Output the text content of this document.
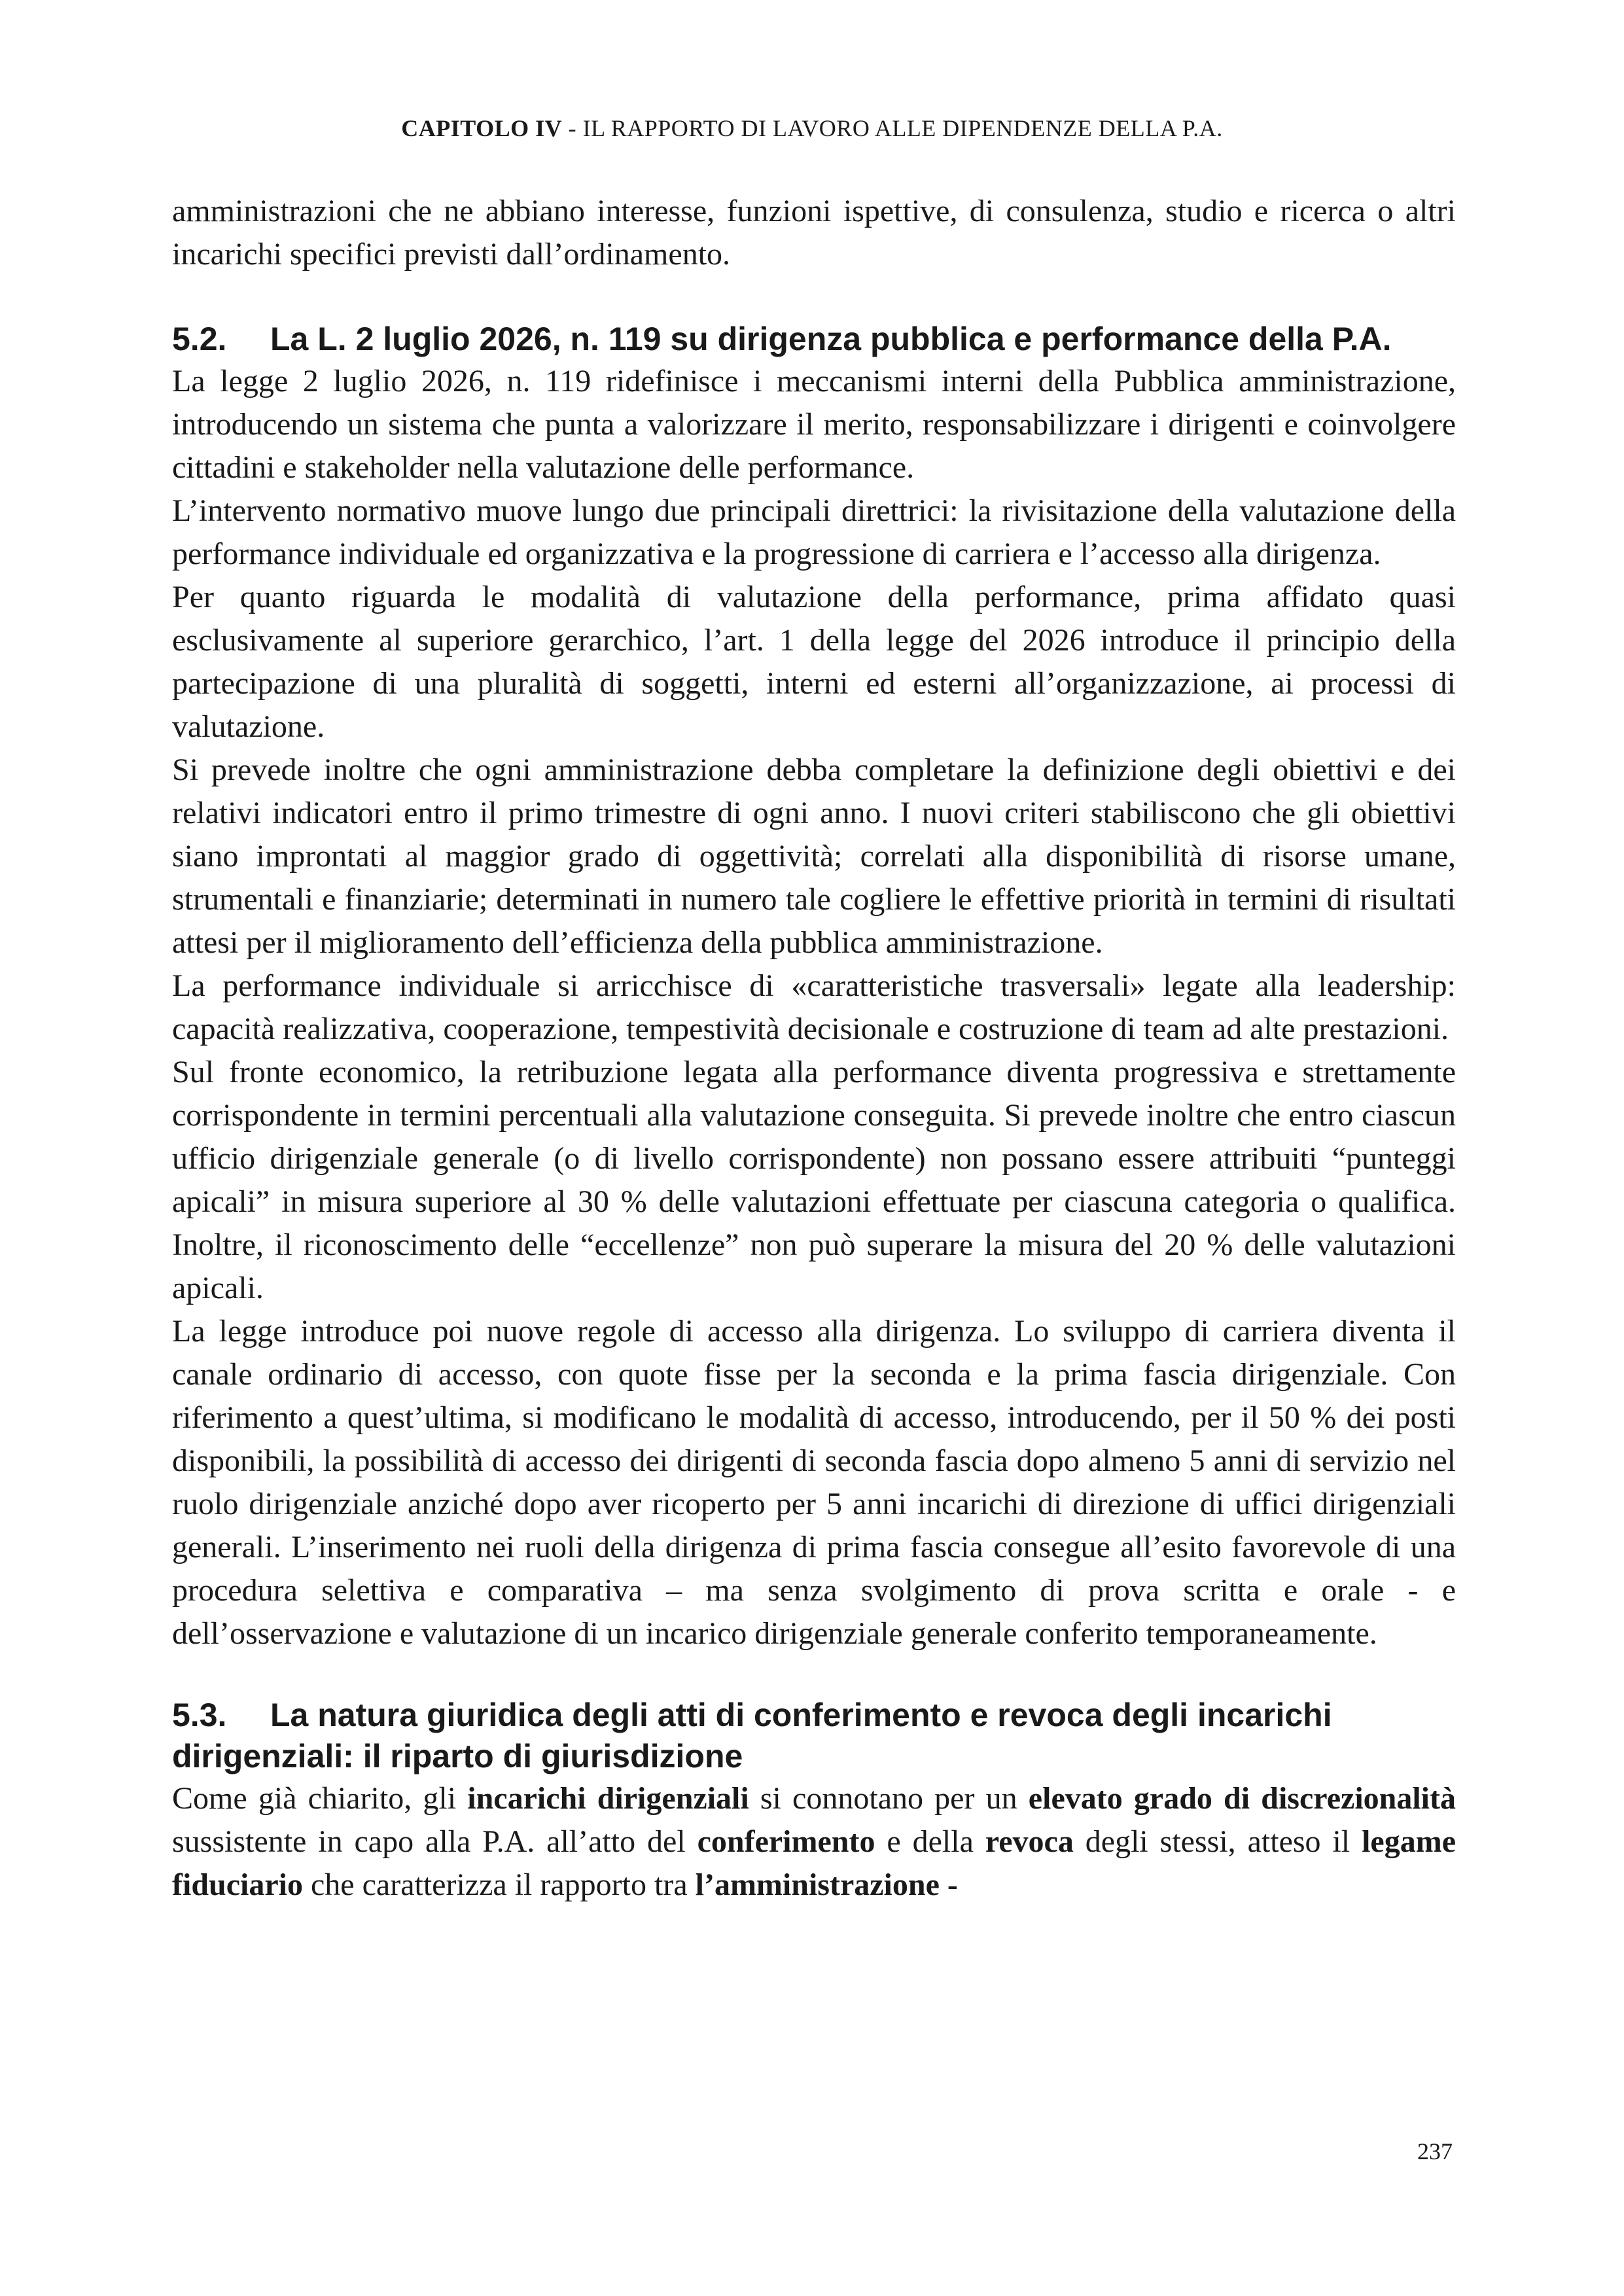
CAPITOLO IV - IL RAPPORTO DI LAVORO ALLE DIPENDENZE DELLA P.A.

amministrazioni che ne abbiano interesse, funzioni ispettive, di consulenza, studio e ricerca o altri incarichi specifici previsti dall’ordinamento.

5.2. La L. 2 luglio 2026, n. 119 su dirigenza pubblica e performance della P.A.

La legge 2 luglio 2026, n. 119 ridefinisce i meccanismi interni della Pubblica amministrazione, introducendo un sistema che punta a valorizzare il merito, responsabilizzare i dirigenti e coinvolgere cittadini e stakeholder nella valutazione delle performance.

L’intervento normativo muove lungo due principali direttrici: la rivisitazione della valutazione della performance individuale ed organizzativa e la progressione di carriera e l’accesso alla dirigenza.

Per quanto riguarda le modalità di valutazione della performance, prima affidato quasi esclusivamente al superiore gerarchico, l’art. 1 della legge del 2026 introduce il principio della partecipazione di una pluralità di soggetti, interni ed esterni all’organizzazione, ai processi di valutazione.

Si prevede inoltre che ogni amministrazione debba completare la definizione degli obiettivi e dei relativi indicatori entro il primo trimestre di ogni anno. I nuovi criteri stabiliscono che gli obiettivi siano improntati al maggior grado di oggettività; correlati alla disponibilità di risorse umane, strumentali e finanziarie; determinati in numero tale cogliere le effettive priorità in termini di risultati attesi per il miglioramento dell’efficienza della pubblica amministrazione.

La performance individuale si arricchisce di «caratteristiche trasversali» legate alla leadership: capacità realizzativa, cooperazione, tempestività decisionale e costruzione di team ad alte prestazioni.

Sul fronte economico, la retribuzione legata alla performance diventa progressiva e strettamente corrispondente in termini percentuali alla valutazione conseguita. Si prevede inoltre che entro ciascun ufficio dirigenziale generale (o di livello corrispondente) non possano essere attribuiti “punteggi apicali” in misura superiore al 30 % delle valutazioni effettuate per ciascuna categoria o qualifica. Inoltre, il riconoscimento delle “eccellenze” non può superare la misura del 20 % delle valutazioni apicali.

La legge introduce poi nuove regole di accesso alla dirigenza. Lo sviluppo di carriera diventa il canale ordinario di accesso, con quote fisse per la seconda e la prima fascia dirigenziale. Con riferimento a quest’ultima, si modificano le modalità di accesso, introducendo, per il 50 % dei posti disponibili, la possibilità di accesso dei dirigenti di seconda fascia dopo almeno 5 anni di servizio nel ruolo dirigenziale anziché dopo aver ricoperto per 5 anni incarichi di direzione di uffici dirigenziali generali. L’inserimento nei ruoli della dirigenza di prima fascia consegue all’esito favorevole di una procedura selettiva e comparativa – ma senza svolgimento di prova scritta e orale - e dell’osservazione e valutazione di un incarico dirigenziale generale conferito temporaneamente.

5.3. La natura giuridica degli atti di conferimento e revoca degli incarichi dirigenziali: il riparto di giurisdizione

Come già chiarito, gli incarichi dirigenziali si connotano per un elevato grado di discrezionalità sussistente in capo alla P.A. all’atto del conferimento e della revoca degli stessi, atteso il legame fiduciario che caratterizza il rapporto tra l’amministrazione -

237
